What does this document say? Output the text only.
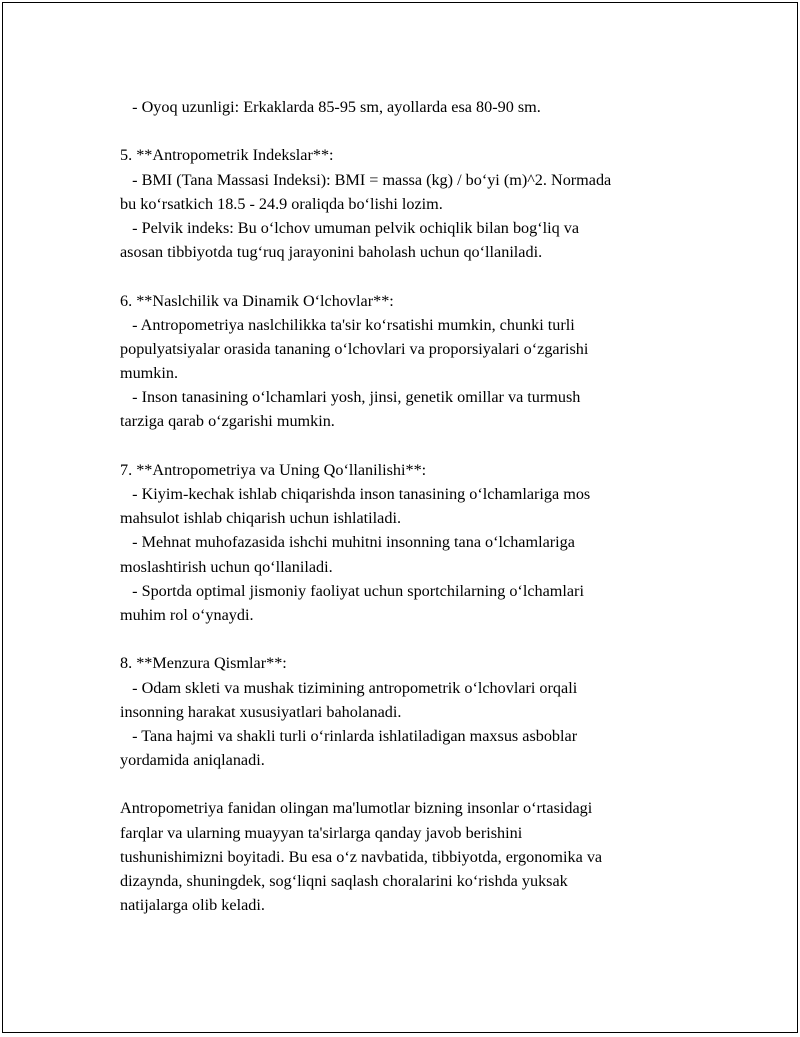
- Oyoq uzunligi: Erkaklarda 85-95 sm, ayollarda esa 80-90 sm.
5. **Antropometrik Indekslar**:
- BMI (Tana Massasi Indeksi): BMI = massa (kg) / bo‘yi (m)^2. Normada
bu ko‘rsatkich 18.5 - 24.9 oraliqda bo‘lishi lozim.
- Pelvik indeks: Bu o‘lchov umuman pelvik ochiqlik bilan bog‘liq va
asosan tibbiyotda tug‘ruq jarayonini baholash uchun qo‘llaniladi.
6. **Naslchilik va Dinamik O‘lchovlar**:
- Antropometriya naslchilikka ta'sir ko‘rsatishi mumkin, chunki turli
populyatsiyalar orasida tananing o‘lchovlari va proporsiyalari o‘zgarishi
mumkin.
- Inson tanasining o‘lchamlari yosh, jinsi, genetik omillar va turmush
tarziga qarab o‘zgarishi mumkin.
7. **Antropometriya va Uning Qo‘llanilishi**:
- Kiyim-kechak ishlab chiqarishda inson tanasining o‘lchamlariga mos
mahsulot ishlab chiqarish uchun ishlatiladi.
- Mehnat muhofazasida ishchi muhitni insonning tana o‘lchamlariga
moslashtirish uchun qo‘llaniladi.
- Sportda optimal jismoniy faoliyat uchun sportchilarning o‘lchamlari
muhim rol o‘ynaydi.
8. **Menzura Qismlar**:
- Odam skleti va mushak tizimining antropometrik o‘lchovlari orqali
insonning harakat xususiyatlari baholanadi.
- Tana hajmi va shakli turli o‘rinlarda ishlatiladigan maxsus asboblar
yordamida aniqlanadi.
Antropometriya fanidan olingan ma'lumotlar bizning insonlar o‘rtasidagi
farqlar va ularning muayyan ta'sirlarga qanday javob berishini
tushunishimizni boyitadi. Bu esa o‘z navbatida, tibbiyotda, ergonomika va
dizaynda, shuningdek, sog‘liqni saqlash choralarini ko‘rishda yuksak
natijalarga olib keladi.
